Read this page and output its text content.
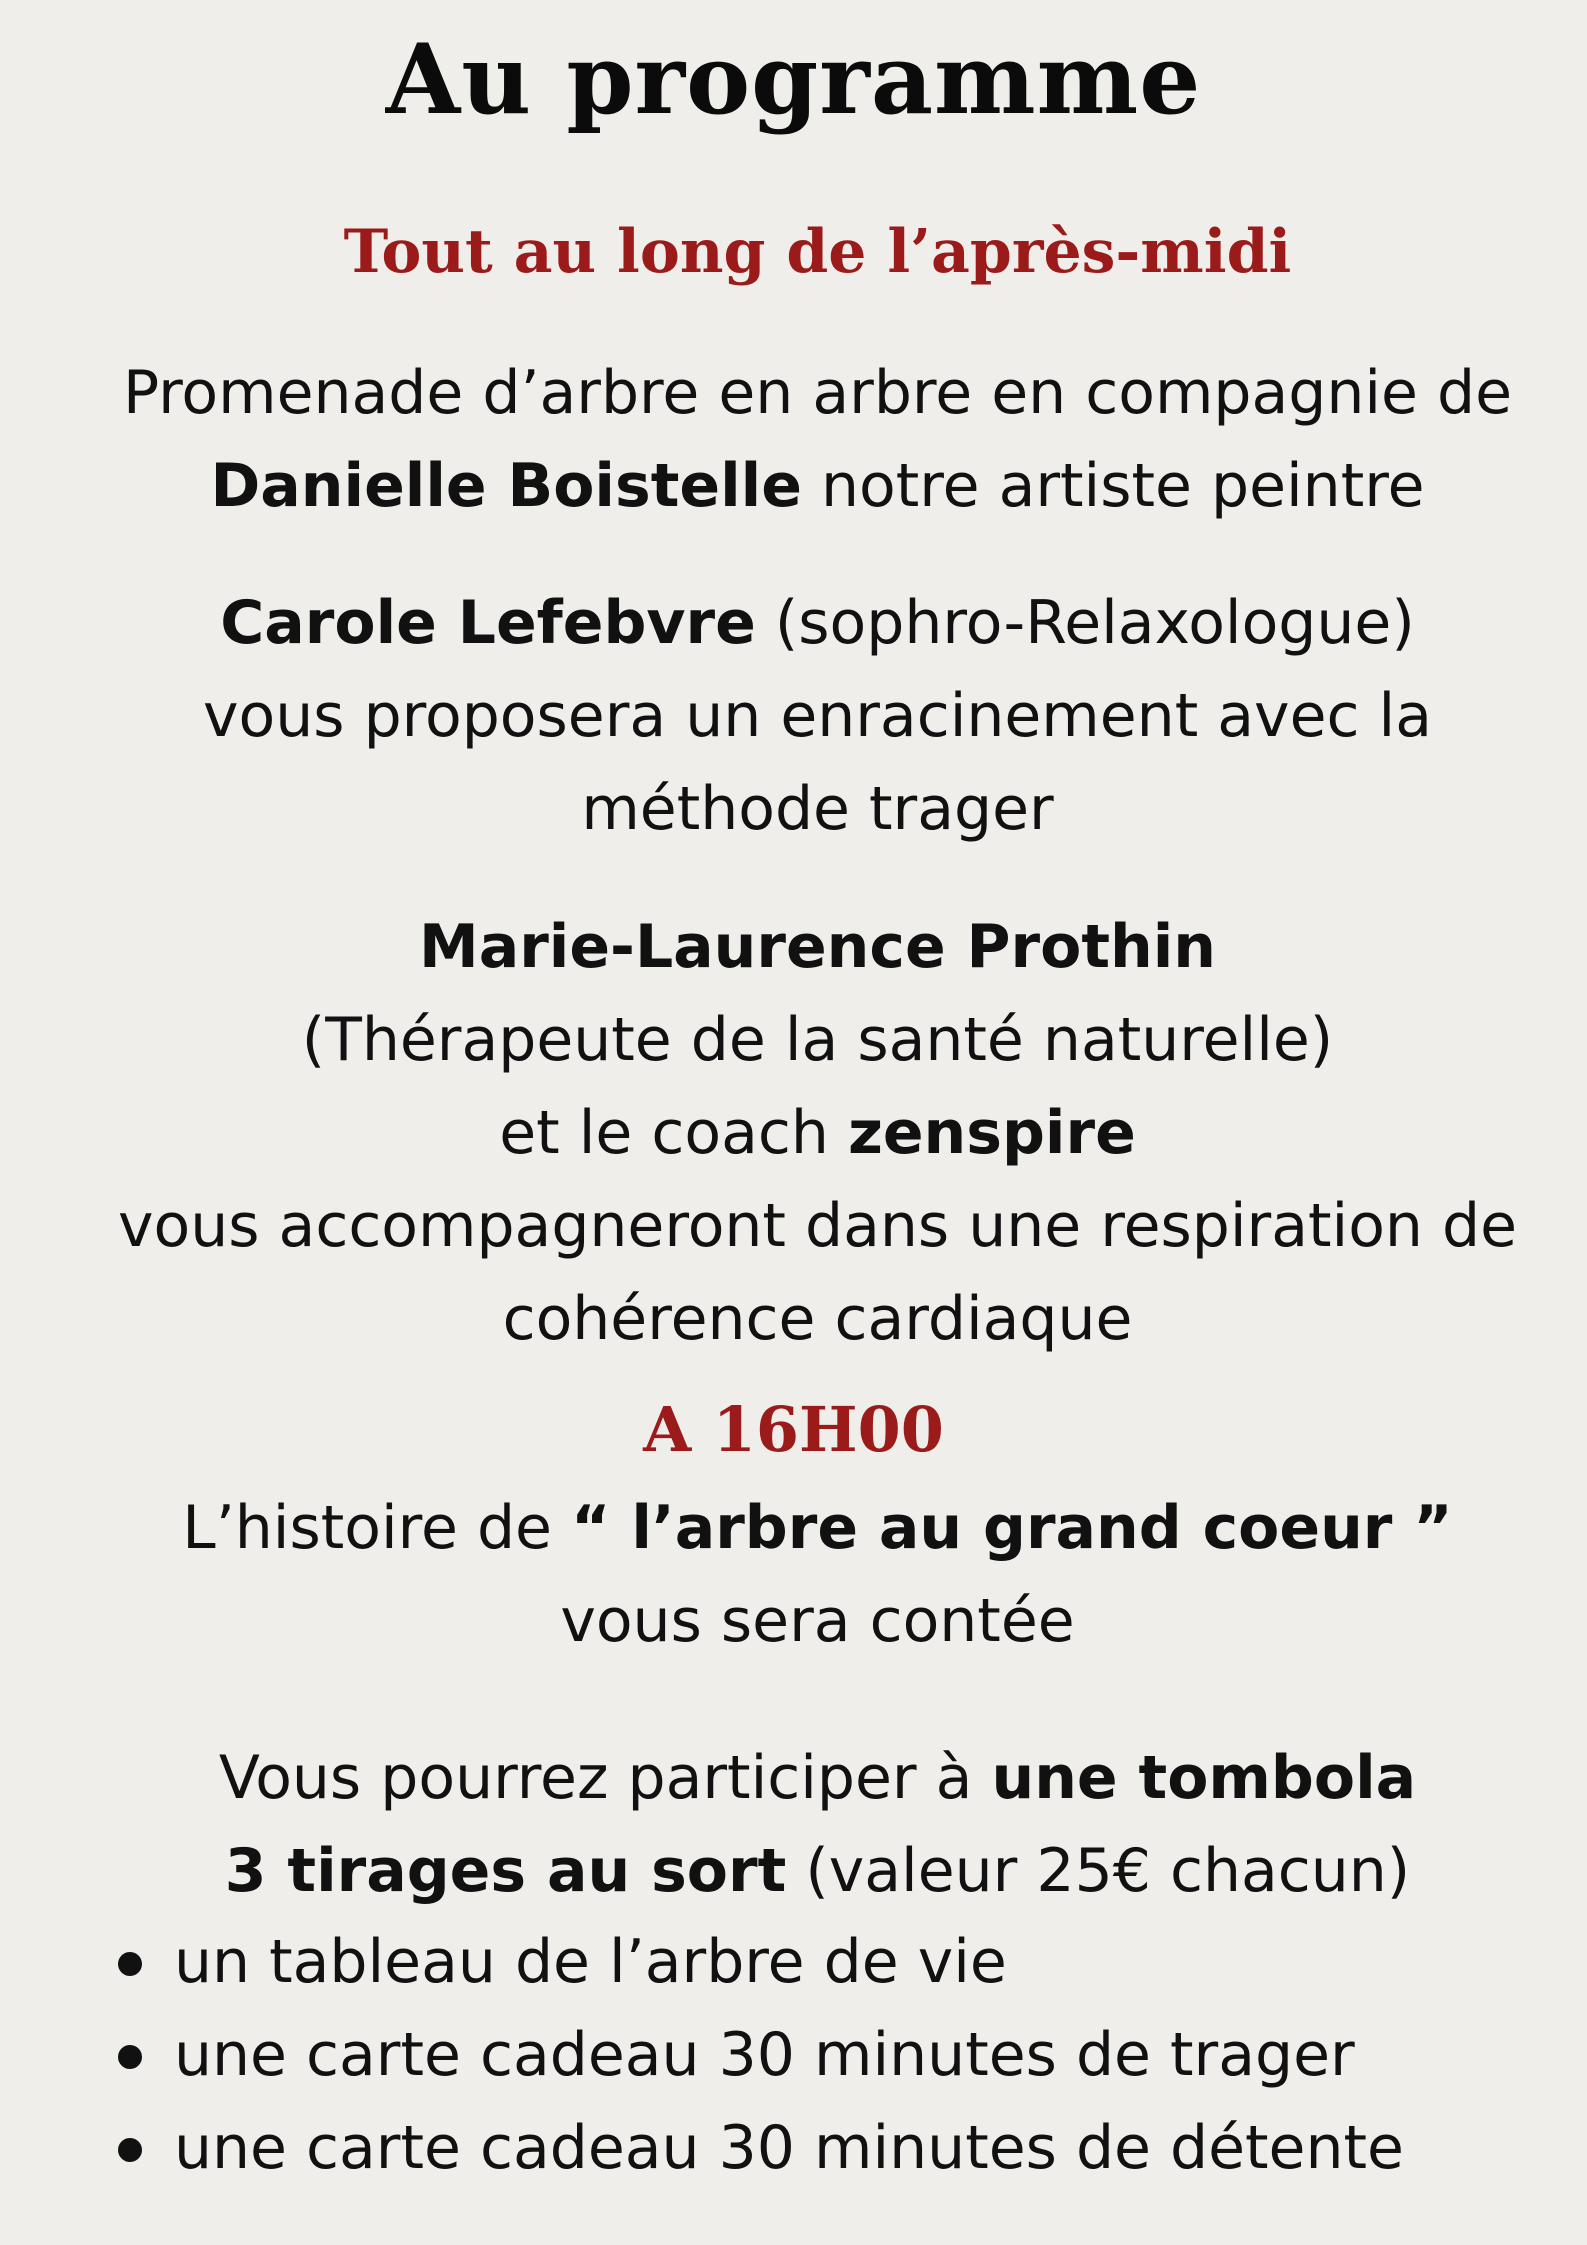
Au programme
Tout au long de l’après-midi

Promenade d’arbre en arbre en compagnie de
Danielle Boistelle notre artiste peintre

Carole Lefebvre (sophro-Relaxologue)
vous proposera un enracinement avec la
méthode trager

Marie-Laurence Prothin
(Thérapeute de la santé naturelle)
et le coach zenspire
vous accompagneront dans une respiration de
cohérence cardiaque

A 16H00

L’histoire de “ l’arbre au grand coeur ”
vous sera contée

Vous pourrez participer à une tombola
3 tirages au sort (valeur 25€ chacun)

un tableau de l’arbre de vie
une carte cadeau 30 minutes de trager
une carte cadeau 30 minutes de détente
